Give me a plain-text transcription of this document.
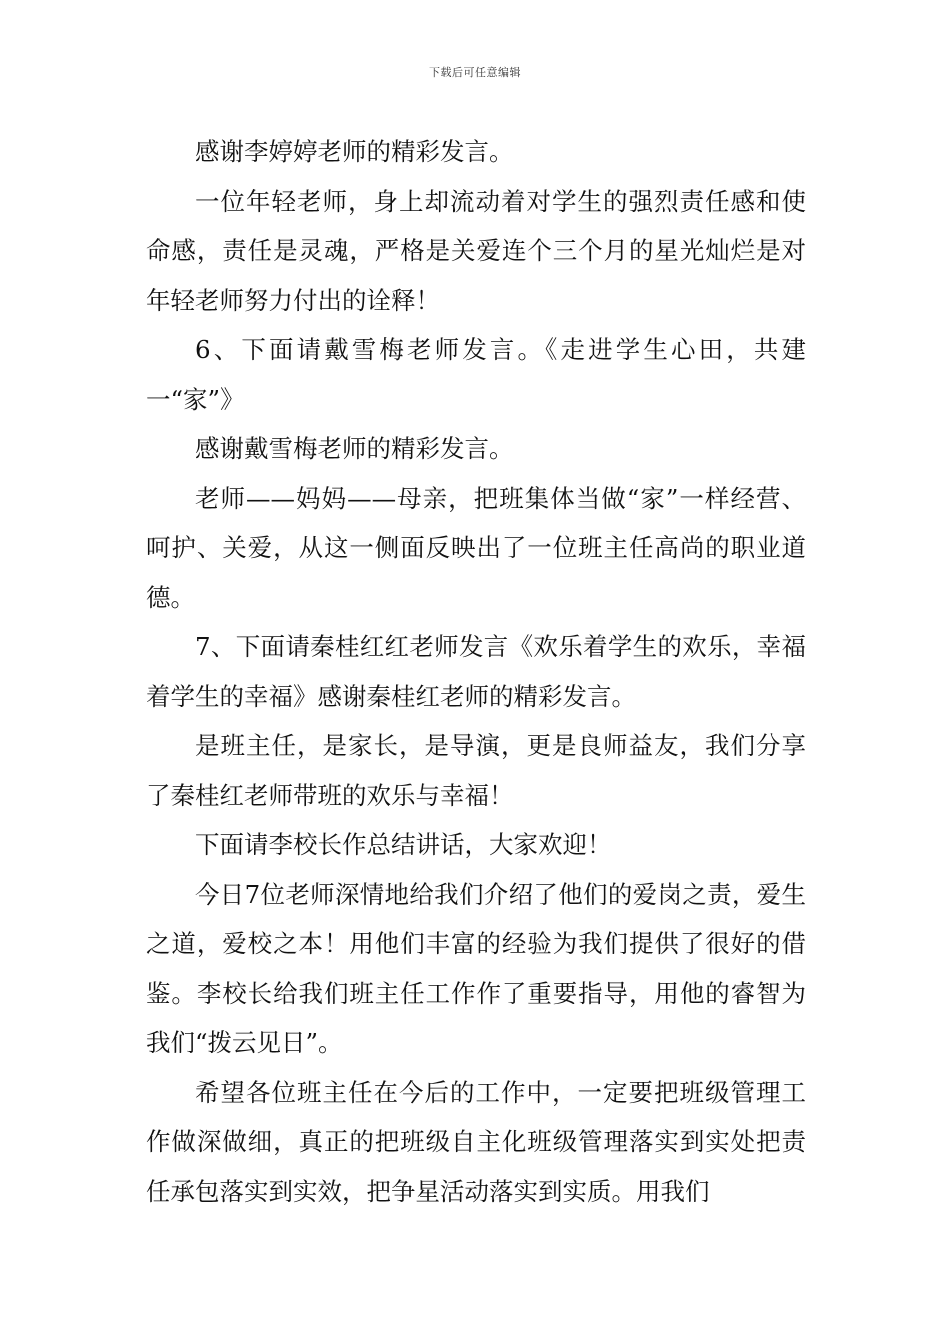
下载后可任意编辑

感谢李婷婷老师的精彩发言。

一位年轻老师，身上却流动着对学生的强烈责任感和使命感，责任是灵魂，严格是关爱连个三个月的星光灿烂是对年轻老师努力付出的诠释！

6、下面请戴雪梅老师发言。《走进学生心田，共建一“家”》

感谢戴雪梅老师的精彩发言。

老师——妈妈——母亲，把班集体当做“家”一样经营、呵护、关爱，从这一侧面反映出了一位班主任高尚的职业道德。

7、下面请秦桂红红老师发言《欢乐着学生的欢乐，幸福着学生的幸福》感谢秦桂红老师的精彩发言。

是班主任，是家长，是导演，更是良师益友，我们分享了秦桂红老师带班的欢乐与幸福！

下面请李校长作总结讲话，大家欢迎！

今日7位老师深情地给我们介绍了他们的爱岗之责，爱生之道，爱校之本！用他们丰富的经验为我们提供了很好的借鉴。李校长给我们班主任工作作了重要指导，用他的睿智为我们“拨云见日”。

希望各位班主任在今后的工作中，一定要把班级管理工作做深做细，真正的把班级自主化班级管理落实到实处把责任承包落实到实效，把争星活动落实到实质。用我们
